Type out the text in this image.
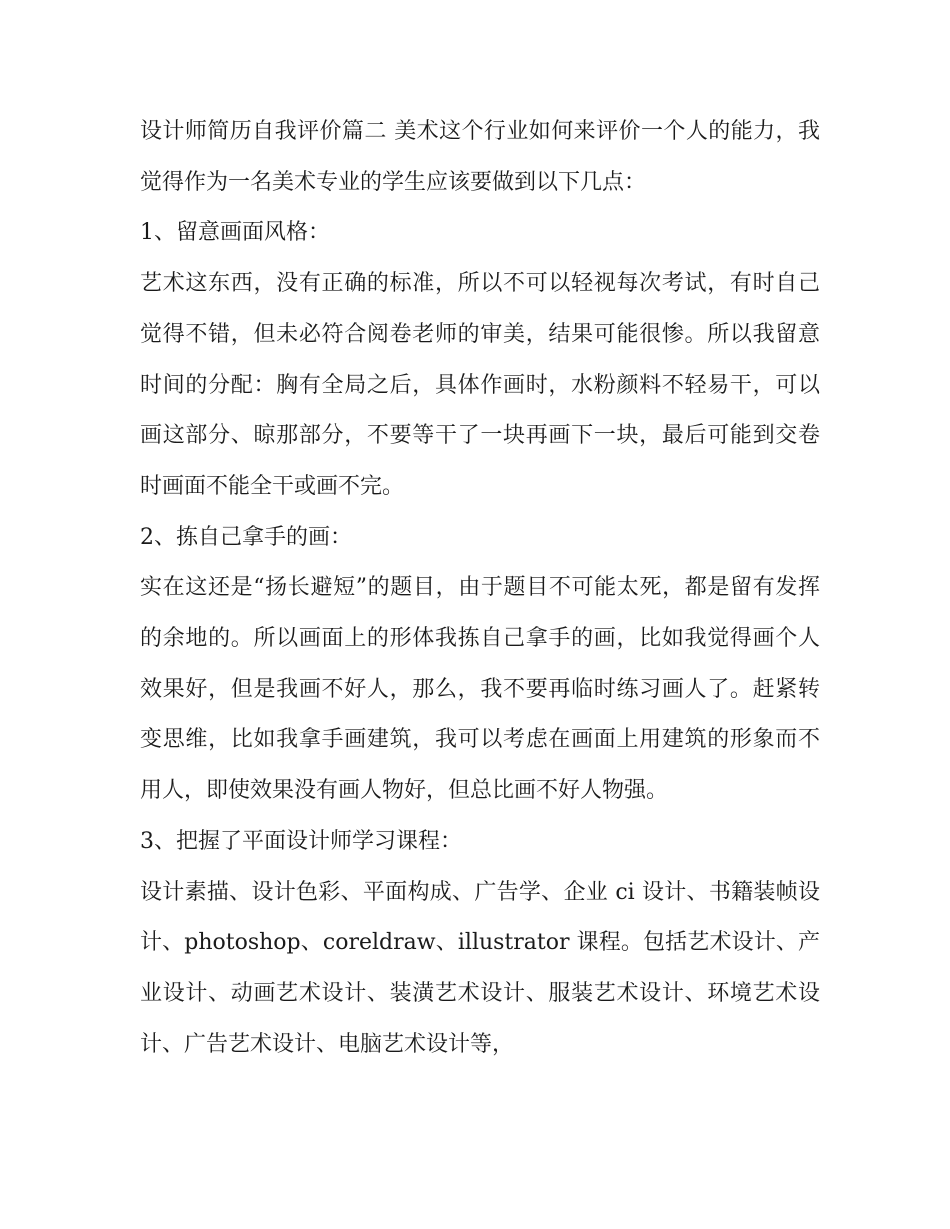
设计师简历自我评价篇二 美术这个行业如何来评价一个人的能力，我觉得作为一名美术专业的学生应该要做到以下几点：

1、留意画面风格：

艺术这东西，没有正确的标准，所以不可以轻视每次考试，有时自己觉得不错，但未必符合阅卷老师的审美，结果可能很惨。所以我留意时间的分配：胸有全局之后，具体作画时，水粉颜料不轻易干，可以画这部分、晾那部分，不要等干了一块再画下一块，最后可能到交卷时画面不能全干或画不完。

2、拣自己拿手的画：

实在这还是“扬长避短”的题目，由于题目不可能太死，都是留有发挥的余地的。所以画面上的形体我拣自己拿手的画，比如我觉得画个人效果好，但是我画不好人，那么，我不要再临时练习画人了。赶紧转变思维，比如我拿手画建筑，我可以考虑在画面上用建筑的形象而不用人，即使效果没有画人物好，但总比画不好人物强。

3、把握了平面设计师学习课程：

设计素描、设计色彩、平面构成、广告学、企业 ci 设计、书籍装帧设计、photoshop、coreldraw、illustrator 课程。包括艺术设计、产业设计、动画艺术设计、装潢艺术设计、服装艺术设计、环境艺术设计、广告艺术设计、电脑艺术设计等，
